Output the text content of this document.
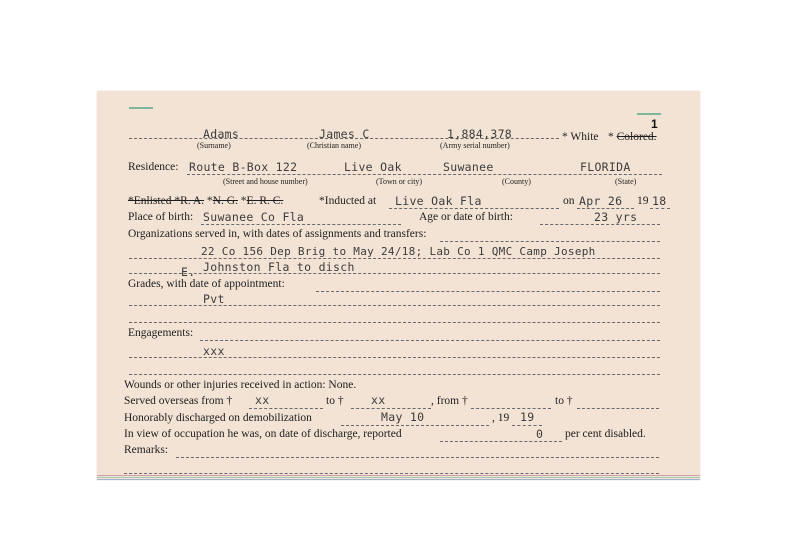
1
Adams	James C	1,884,378
(Surname)	(Christian name)	(Army serial number)
* White * Colored.
Residence: Route B-Box 122	Live Oak	Suwanee	FLORIDA
(Street and house number)	(Town or city)	(County)	(State)
*Enlisted *R. A. *N. G. *E. R. C.	*Inducted at Live Oak Fla	on Apr 26 19 18
Place of birth: Suwanee Co Fla	Age or date of birth:	23 yrs
Organizations served in, with dates of assignments and transfers:
22 Co 156 Dep Brig to May 24/18; Lab Co 1 QMC Camp Joseph
E. Johnston Fla to disch
Grades, with date of appointment:
Pvt
Engagements:
xxx
Wounds or other injuries received in action: None.
Served overseas from † xx	to † xx	, from †	to †
Honorably discharged on demobilization	May 10	, 19 19
In view of occupation he was, on date of discharge, reported	0 per cent disabled.
Remarks:
